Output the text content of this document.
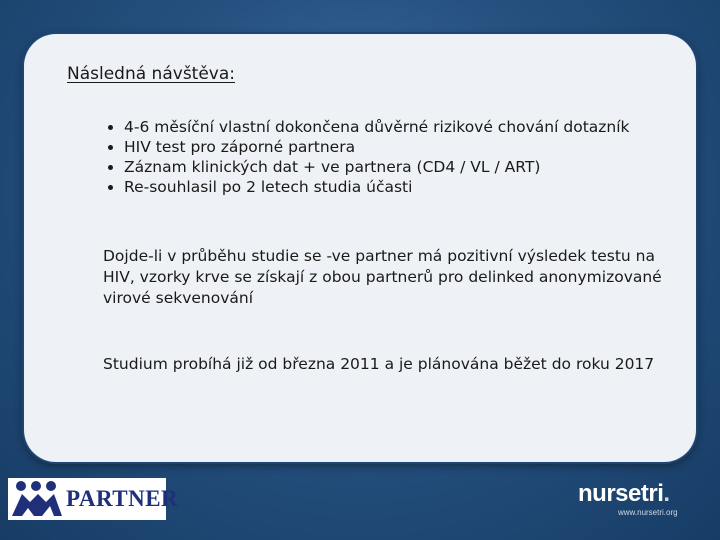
Následná návštěva:
• 4-6 měsíční vlastní dokončena důvěrné rizikové chování dotazník
• HIV test pro záporné partnera
• Záznam klinických dat + ve partnera (CD4 / VL / ART)
• Re-souhlasil po 2 letech studia účasti

Dojde-li v průběhu studie se -ve partner má pozitivní výsledek testu na HIV, vzorky krve se získají z obou partnerů pro delinked anonymizované virové sekvenování

Studium probíhá již od března 2011 a je plánována běžet do roku 2017

PARTNER	nursetri.
www.nursetri.org
